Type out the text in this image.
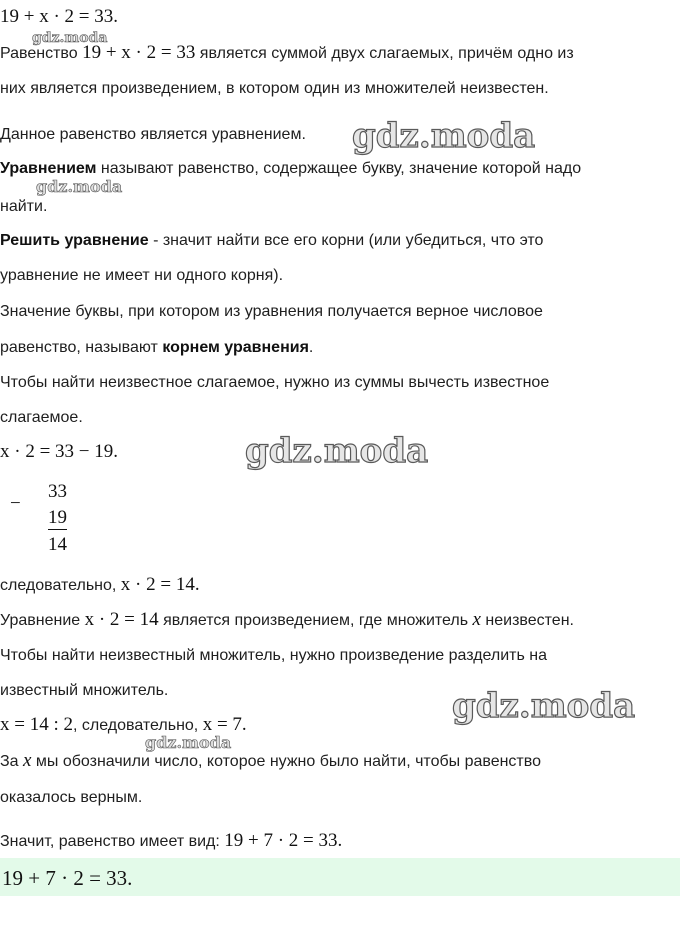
19 + x · 2 = 33.
Равенство 19 + x · 2 = 33 является суммой двух слагаемых, причём одно из
них является произведением, в котором один из множителей неизвестен.
Данное равенство является уравнением.
Уравнением называют равенство, содержащее букву, значение которой надо
найти.
Решить уравнение - значит найти все его корни (или убедиться, что это
уравнение не имеет ни одного корня).
Значение буквы, при котором из уравнения получается верное числовое
равенство, называют корнем уравнения.
Чтобы найти неизвестное слагаемое, нужно из суммы вычесть известное
слагаемое.
x · 2 = 33 − 19.
−
33
19
14
следовательно, x · 2 = 14.
Уравнение x · 2 = 14 является произведением, где множитель x неизвестен.
Чтобы найти неизвестный множитель, нужно произведение разделить на
известный множитель.
x = 14 : 2, следовательно, x = 7.
За x мы обозначили число, которое нужно было найти, чтобы равенство
оказалось верным.
Значит, равенство имеет вид: 19 + 7 · 2 = 33.
19 + 7 · 2 = 33.
gdz.moda
gdz.moda
gdz.moda
gdz.moda
gdz.moda
gdz.moda
